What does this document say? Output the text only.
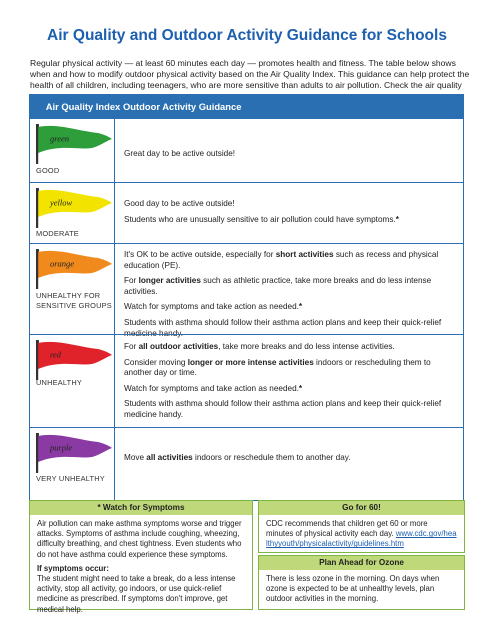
Air Quality and Outdoor Activity Guidance for Schools
Regular physical activity — at least 60 minutes each day — promotes health and fitness. The table below shows when and how to modify outdoor physical activity based on the Air Quality Index. This guidance can help protect the health of all children, including teenagers, who are more sensitive than adults to air pollution. Check the air quality
Air Quality Index Outdoor Activity Guidance
green
GOOD

Great day to be active outside!

yellow
MODERATE

Good day to be active outside!

Students who are unusually sensitive to air pollution could have symptoms.*

orange
UNHEALTHY FOR SENSITIVE GROUPS

It's OK to be active outside, especially for short activities such as recess and physical education (PE).

For longer activities such as athletic practice, take more breaks and do less intense activities.

Watch for symptoms and take action as needed.*

Students with asthma should follow their asthma action plans and keep their quick-relief medicine handy.

red
UNHEALTHY

For all outdoor activities, take more breaks and do less intense activities.

Consider moving longer or more intense activities indoors or rescheduling them to another day or time.

Watch for symptoms and take action as needed.*

Students with asthma should follow their asthma action plans and keep their quick-relief medicine handy.

purple
VERY UNHEALTHY

Move all activities indoors or reschedule them to another day.

* Watch for Symptoms

Air pollution can make asthma symptoms worse and trigger attacks. Symptoms of asthma include coughing, wheezing, difficulty breathing, and chest tightness. Even students who do not have asthma could experience these symptoms.

If symptoms occur:

The student might need to take a break, do a less intense activity, stop all activity, go indoors, or use quick-relief medicine as prescribed. If symptoms don't improve, get medical help.

Go for 60!
CDC recommends that children get 60 or more minutes of physical activity each day. www.cdc.gov/healthyyouth/physicalactivity/guidelines.htm
Plan Ahead for Ozone
There is less ozone in the morning. On days when ozone is expected to be at unhealthy levels, plan outdoor activities in the morning.
